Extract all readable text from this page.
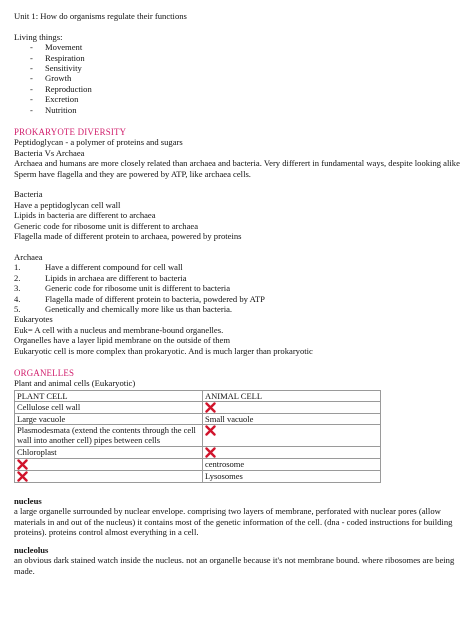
Unit 1: How do organisms regulate their functions
Living things:
-	Movement
-	Respiration
-	Sensitivity
-	Growth
-	Reproduction
-	Excretion
-	Nutrition
PROKARYOTE DIVERSITY
Peptidoglycan - a polymer of proteins and sugars
Bacteria Vs Archaea
Archaea and humans are more closely related than archaea and bacteria. Very differert in fundamental ways, despite looking alike
Sperm have flagella and they are powered by ATP, like archaea cells.
Bacteria
Have a peptidoglycan cell wall
Lipids in bacteria are different to archaea
Generic code for ribosome unit is different to archaea
Flagella made of different protein to archaea, powered by proteins
Archaea
1.	Have a different compound for cell wall
2.	Lipids in archaea are different to bacteria
3.	Generic code for ribosome unit is different to bacteria
4.	Flagella made of different protein to bacteria, powdered by ATP
5.	Genetically and chemically more like us than bacteria.
Eukaryotes
Euk= A cell with a nucleus and membrane-bound organelles.
Organelles have a layer lipid membrane on the outside of them
Eukaryotic cell is more complex than prokaryotic. And is much larger than prokaryotic
ORGANELLES
Plant and animal cells (Eukaryotic)
PLANT CELL	ANIMAL CELL
Cellulose cell wall	

Large vacuole	Small vacuole
Plasmodesmata (extend the contents through the cell wall into another cell) pipes between cells	

Chloroplast	

	centrosome

	Lysosomes
nucleus
a large organelle surrounded by nuclear envelope. comprising two layers of membrane, perforated with nuclear pores (allow materials in and out of the nucleus) it contains most of the genetic information of the cell. (dna - coded instructions for building proteins). proteins control almost everything in a cell.
nucleolus
an obvious dark stained watch inside the nucleus. not an organelle because it's not membrane bound. where ribosomes are being made.
